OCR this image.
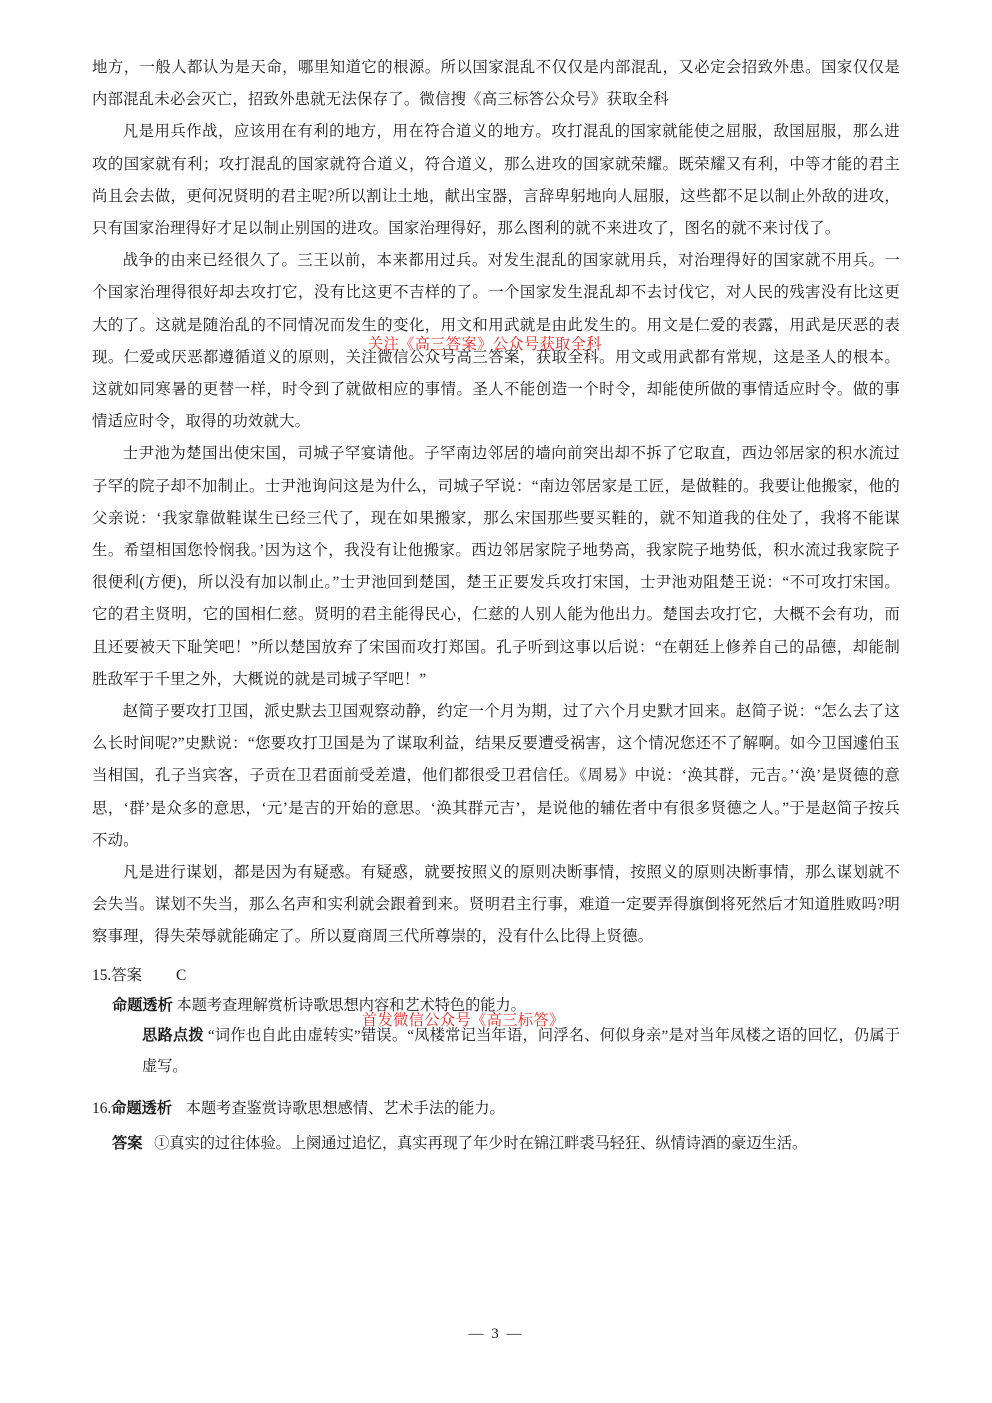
地方，一般人都认为是天命，哪里知道它的根源。所以国家混乱不仅仅是内部混乱，又必定会招致外患。国家仅仅是内部混乱未必会灭亡，招致外患就无法保存了。微信搜《高三标答公众号》获取全科

凡是用兵作战，应该用在有利的地方，用在符合道义的地方。攻打混乱的国家就能使之屈服，敌国屈服，那么进攻的国家就有利；攻打混乱的国家就符合道义，符合道义，那么进攻的国家就荣耀。既荣耀又有利，中等才能的君主尚且会去做，更何况贤明的君主呢?所以割让土地，献出宝器，言辞卑躬地向人屈服，这些都不足以制止外敌的进攻，只有国家治理得好才足以制止别国的进攻。国家治理得好，那么图利的就不来进攻了，图名的就不来讨伐了。

战争的由来已经很久了。三王以前，本来都用过兵。对发生混乱的国家就用兵，对治理得好的国家就不用兵。一个国家治理得很好却去攻打它，没有比这更不吉样的了。一个国家发生混乱却不去讨伐它，对人民的残害没有比这更大的了。这就是随治乱的不同情况而发生的变化，用文和用武就是由此发生的。用文是仁爱的表露，用武是厌恶的表现。仁爱或厌恶都遵循道义的原则，关注微信公众号高三答案，获取全科。用文或用武都有常规，这是圣人的根本。这就如同寒暑的更替一样，时令到了就做相应的事情。圣人不能创造一个时令，却能使所做的事情适应时令。做的事情适应时令，取得的功效就大。

士尹池为楚国出使宋国，司城子罕宴请他。子罕南边邻居的墙向前突出却不拆了它取直，西边邻居家的积水流过子罕的院子却不加制止。士尹池询问这是为什么，司城子罕说：“南边邻居家是工匠，是做鞋的。我要让他搬家，他的父亲说：‘我家靠做鞋谋生已经三代了，现在如果搬家，那么宋国那些要买鞋的，就不知道我的住处了，我将不能谋生。希望相国您怜悯我。’因为这个，我没有让他搬家。西边邻居家院子地势高，我家院子地势低，积水流过我家院子很便利(方便)，所以没有加以制止。”士尹池回到楚国，楚王正要发兵攻打宋国，士尹池劝阻楚王说：“不可攻打宋国。它的君主贤明，它的国相仁慈。贤明的君主能得民心，仁慈的人别人能为他出力。楚国去攻打它，大概不会有功，而且还要被天下耻笑吧！”所以楚国放弃了宋国而攻打郑国。孔子听到这事以后说：“在朝廷上修养自己的品德，却能制胜敌军于千里之外，大概说的就是司城子罕吧！”

赵简子要攻打卫国，派史默去卫国观察动静，约定一个月为期，过了六个月史默才回来。赵简子说：“怎么去了这么长时间呢?”史默说：“您要攻打卫国是为了谋取利益，结果反要遭受祸害，这个情况您还不了解啊。如今卫国遽伯玉当相国，孔子当宾客，子贡在卫君面前受差遣，他们都很受卫君信任。《周易》中说：‘涣其群，元吉。’‘涣’是贤德的意思，‘群’是众多的意思，‘元’是吉的开始的意思。‘涣其群元吉’，是说他的辅佐者中有很多贤德之人。”于是赵简子按兵不动。

凡是进行谋划，都是因为有疑惑。有疑惑，就要按照义的原则决断事情，按照义的原则决断事情，那么谋划就不会失当。谋划不失当，那么名声和实利就会跟着到来。贤明君主行事，难道一定要弄得旗倒将死然后才知道胜败吗?明察事理，得失荣辱就能确定了。所以夏商周三代所尊崇的，没有什么比得上贤德。

15.答案 C
命题透析 本题考查理解赏析诗歌思想内容和艺术特色的能力。
思路点拨 “词作也自此由虚转实”错误。“凤楼常记当年语，问浮名、何似身亲”是对当年凤楼之语的回忆，仍属于虚写。
16.命题透析 本题考查鉴赏诗歌思想感情、艺术手法的能力。
答案 ①真实的过往体验。上阕通过追忆，真实再现了年少时在锦江畔裘马轻狂、纵情诗酒的豪迈生活。
— 3 —
关注《高三答案》公众号获取全科
首发微信公众号《高三标答》
